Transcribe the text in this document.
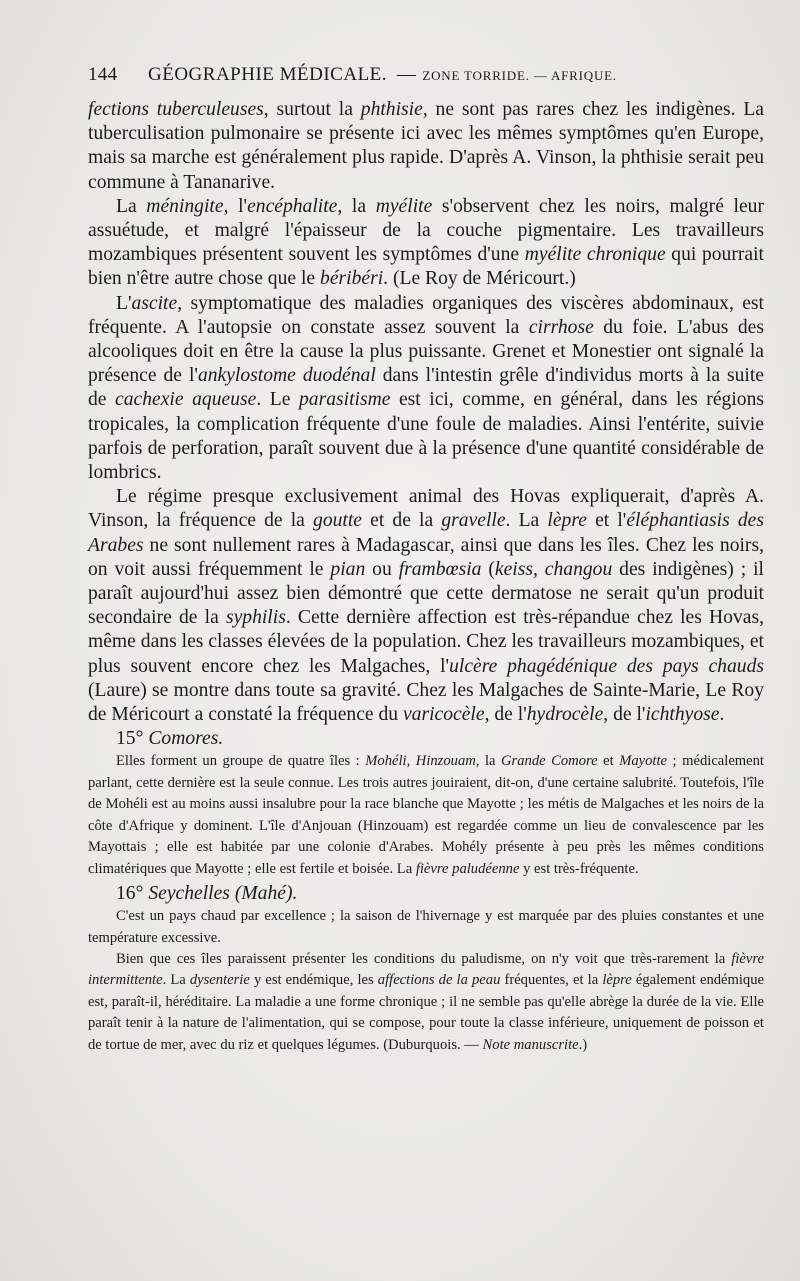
144	GÉOGRAPHIE MÉDICALE. — ZONE TORRIDE. — AFRIQUE.

fections tuberculeuses, surtout la phthisie, ne sont pas rares chez les indigènes. La tuberculisation pulmonaire se présente ici avec les mêmes symptômes qu'en Europe, mais sa marche est généralement plus rapide. D'après A. Vinson, la phthisie serait peu commune à Tananarive.

La méningite, l'encéphalite, la myélite s'observent chez les noirs, malgré leur assuétude, et malgré l'épaisseur de la couche pigmentaire. Les travailleurs mozambiques présentent souvent les symptômes d'une myélite chronique qui pourrait bien n'être autre chose que le béribéri. (Le Roy de Méricourt.)

L'ascite, symptomatique des maladies organiques des viscères abdominaux, est fréquente. A l'autopsie on constate assez souvent la cirrhose du foie. L'abus des alcooliques doit en être la cause la plus puissante. Grenet et Monestier ont signalé la présence de l'ankylostome duodénal dans l'intestin grêle d'individus morts à la suite de cachexie aqueuse. Le parasitisme est ici, comme, en général, dans les régions tropicales, la complication fréquente d'une foule de maladies. Ainsi l'entérite, suivie parfois de perforation, paraît souvent due à la présence d'une quantité considérable de lombrics.

Le régime presque exclusivement animal des Hovas expliquerait, d'après A. Vinson, la fréquence de la goutte et de la gravelle. La lèpre et l'éléphantiasis des Arabes ne sont nullement rares à Madagascar, ainsi que dans les îles. Chez les noirs, on voit aussi fréquemment le pian ou frambœsia (keiss, changou des indigènes) ; il paraît aujourd'hui assez bien démontré que cette dermatose ne serait qu'un produit secondaire de la syphilis. Cette dernière affection est très-répandue chez les Hovas, même dans les classes élevées de la population. Chez les travailleurs mozambiques, et plus souvent encore chez les Malgaches, l'ulcère phagédénique des pays chauds (Laure) se montre dans toute sa gravité. Chez les Malgaches de Sainte-Marie, Le Roy de Méricourt a constaté la fréquence du varicocèle, de l'hydrocèle, de l'ichthyose.

15° Comores.

Elles forment un groupe de quatre îles : Mohéli, Hinzouam, la Grande Comore et Mayotte ; médicalement parlant, cette dernière est la seule connue. Les trois autres jouiraient, dit-on, d'une certaine salubrité. Toutefois, l'île de Mohéli est au moins aussi insalubre pour la race blanche que Mayotte ; les métis de Malgaches et les noirs de la côte d'Afrique y dominent. L'île d'Anjouan (Hinzouam) est regardée comme un lieu de convalescence par les Mayottais ; elle est habitée par une colonie d'Arabes. Mohély présente à peu près les mêmes conditions climatériques que Mayotte ; elle est fertile et boisée. La fièvre paludéenne y est très-fréquente.

16° Seychelles (Mahé).

C'est un pays chaud par excellence ; la saison de l'hivernage y est marquée par des pluies constantes et une température excessive.

Bien que ces îles paraissent présenter les conditions du paludisme, on n'y voit que très-rarement la fièvre intermittente. La dysenterie y est endémique, les affections de la peau fréquentes, et la lèpre également endémique est, paraît-il, héréditaire. La maladie a une forme chronique ; il ne semble pas qu'elle abrège la durée de la vie. Elle paraît tenir à la nature de l'alimentation, qui se compose, pour toute la classe inférieure, uniquement de poisson et de tortue de mer, avec du riz et quelques légumes. (Duburquois. — Note manuscrite.)
